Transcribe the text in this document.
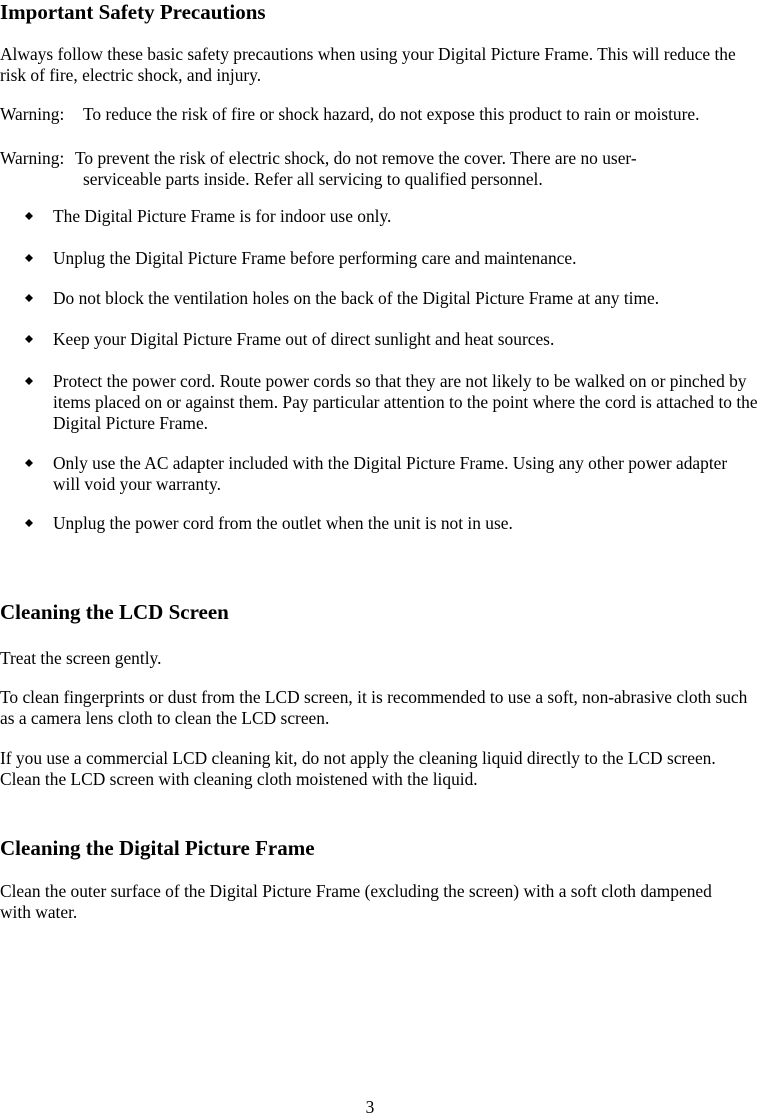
Important Safety Precautions

Always follow these basic safety precautions when using your Digital Picture Frame. This will reduce the risk of fire, electric shock, and injury.

Warning: To reduce the risk of fire or shock hazard, do not expose this product to rain or moisture.

Warning: To prevent the risk of electric shock, do not remove the cover. There are no user-
serviceable parts inside. Refer all servicing to qualified personnel.

The Digital Picture Frame is for indoor use only.

Unplug the Digital Picture Frame before performing care and maintenance.

Do not block the ventilation holes on the back of the Digital Picture Frame at any time.

Keep your Digital Picture Frame out of direct sunlight and heat sources.

Protect the power cord. Route power cords so that they are not likely to be walked on or pinched by items placed on or against them. Pay particular attention to the point where the cord is attached to the Digital Picture Frame.

Only use the AC adapter included with the Digital Picture Frame. Using any other power adapter will void your warranty.

Unplug the power cord from the outlet when the unit is not in use.

Cleaning the LCD Screen

Treat the screen gently.

To clean fingerprints or dust from the LCD screen, it is recommended to use a soft, non-abrasive cloth such as a camera lens cloth to clean the LCD screen.

If you use a commercial LCD cleaning kit, do not apply the cleaning liquid directly to the LCD screen. Clean the LCD screen with cleaning cloth moistened with the liquid.

Cleaning the Digital Picture Frame

Clean the outer surface of the Digital Picture Frame (excluding the screen) with a soft cloth dampened with water.

3
